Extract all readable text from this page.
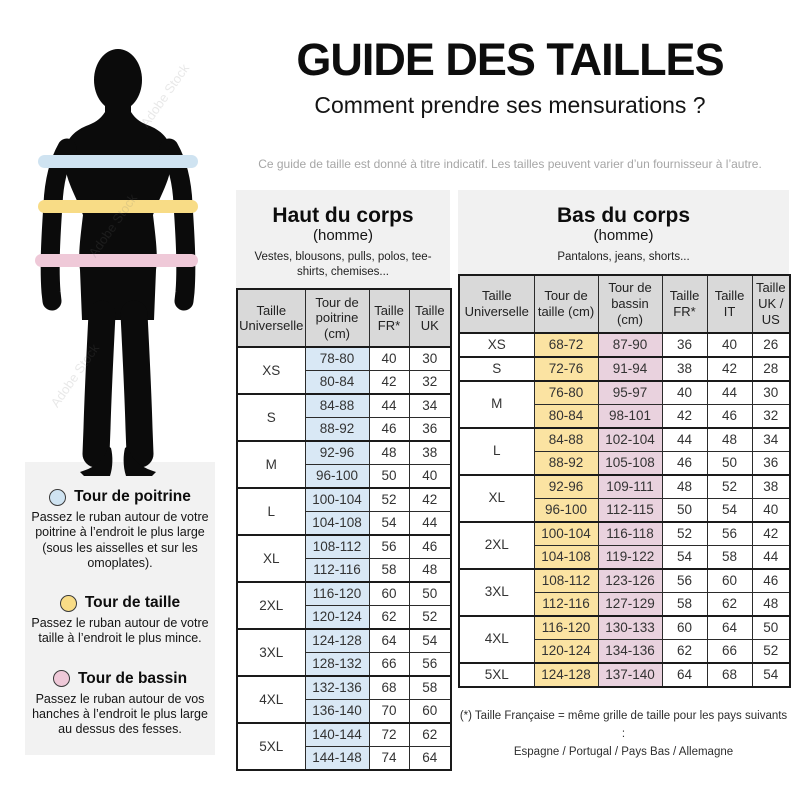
GUIDE DES TAILLES
Comment prendre ses mensurations ?
Ce guide de taille est donné à titre indicatif. Les tailles peuvent varier d’un fournisseur à l’autre.
Adobe Stock
Adobe Stock
Tour de poitrine
Passez le ruban autour de votre poitrine à l’endroit le plus large (sous les aisselles et sur les omoplates).
Tour de taille
Passez le ruban autour de votre taille à l’endroit le plus mince.
Tour de bassin
Passez le ruban autour de vos hanches à l’endroit le plus large au dessus des fesses.
Haut du corps
(homme)
Vestes, blousons, pulls, polos, tee-shirts, chemises...
Taille Universelle	Tour de poitrine (cm)	Taille FR*	Taille UK
XS	78-80	40	30
	80-84	42	32
S	84-88	44	34
	88-92	46	36
M	92-96	48	38
	96-100	50	40
L	100-104	52	42
	104-108	54	44
XL	108-112	56	46
	112-116	58	48
2XL	116-120	60	50
	120-124	62	52
3XL	124-128	64	54
	128-132	66	56
4XL	132-136	68	58
	136-140	70	60
5XL	140-144	72	62
	144-148	74	64
Bas du corps
(homme)
Pantalons, jeans, shorts...
Taille Universelle	Tour de taille (cm)	Tour de bassin (cm)	Taille FR*	Taille IT	Taille UK / US
XS	68-72	87-90	36	40	26
S	72-76	91-94	38	42	28
M	76-80	95-97	40	44	30
	80-84	98-101	42	46	32
L	84-88	102-104	44	48	34
	88-92	105-108	46	50	36
XL	92-96	109-111	48	52	38
	96-100	112-115	50	54	40
2XL	100-104	116-118	52	56	42
	104-108	119-122	54	58	44
3XL	108-112	123-126	56	60	46
	112-116	127-129	58	62	48
4XL	116-120	130-133	60	64	50
	120-124	134-136	62	66	52
5XL	124-128	137-140	64	68	54
(*) Taille Française = même grille de taille pour les pays suivants :
Espagne / Portugal / Pays Bas / Allemagne
